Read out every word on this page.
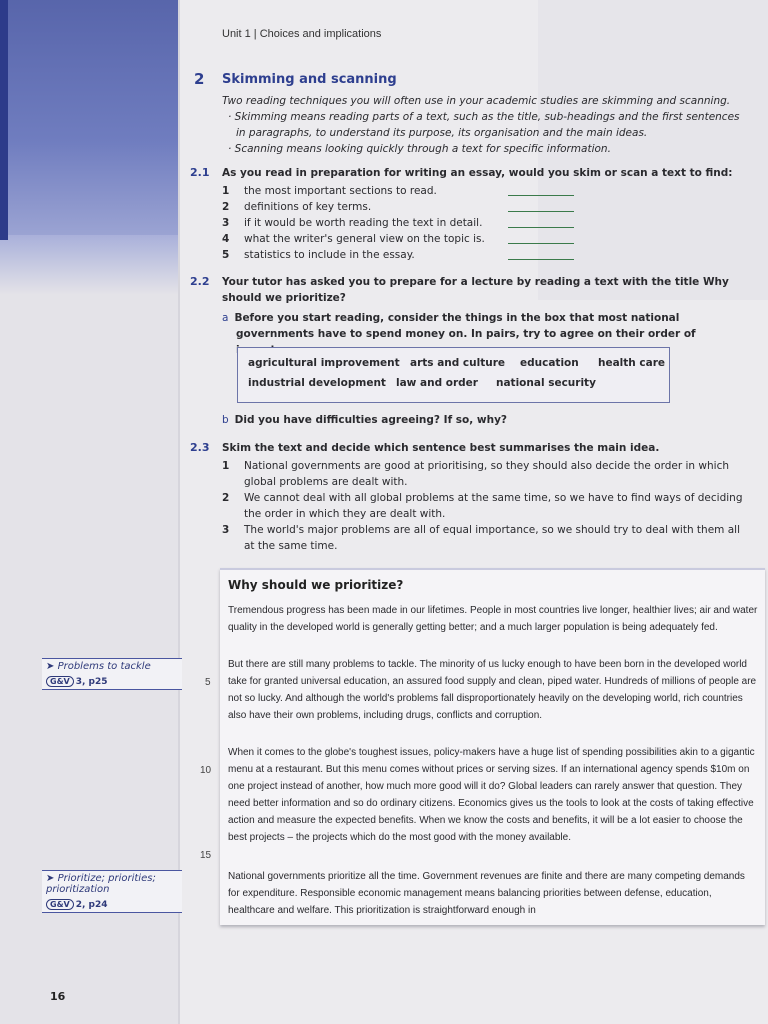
Unit 1 | Choices and implications
2 Skimming and scanning
Two reading techniques you will often use in your academic studies are skimming and scanning.
· Skimming means reading parts of a text, such as the title, sub-headings and the first sentences in paragraphs, to understand its purpose, its organisation and the main ideas.
· Scanning means looking quickly through a text for specific information.
2.1 As you read in preparation for writing an essay, would you skim or scan a text to find:
1 the most important sections to read.
2 definitions of key terms.
3 if it would be worth reading the text in detail.
4 what the writer's general view on the topic is.
5 statistics to include in the essay.
2.2 Your tutor has asked you to prepare for a lecture by reading a text with the title Why should we prioritize?
a Before you start reading, consider the things in the box that most national governments have to spend money on. In pairs, try to agree on their order of
agricultural improvement arts and culture education health care
industrial development law and order national security
b Did you have difficulties agreeing? If so, why?
2.3 Skim the text and decide which sentence best summarises the main idea.
1 National governments are good at prioritising, so they should also decide the order in which global problems are dealt with.
2 We cannot deal with all global problems at the same time, so we have to find ways of deciding the order in which they are dealt with.
3 The world's major problems are all of equal importance, so we should try to deal with them all at the same time.
Why should we prioritize?
Tremendous progress has been made in our lifetimes. People in most countries live longer, healthier lives; air and water quality in the developed world is generally getting better; and a much larger population is being adequately fed.
But there are still many problems to tackle. The minority of us lucky enough to have been born in the developed world take for granted universal education, an assured food supply and clean, piped water. Hundreds of millions of people are not so lucky. And although the world's problems fall disproportionately heavily on the developing world, rich countries also have their own problems, including drugs, conflicts and corruption.
When it comes to the globe's toughest issues, policy-makers have a huge list of spending possibilities akin to a gigantic menu at a restaurant. But this menu comes without prices or serving sizes. If an international agency spends $10m on one project instead of another, how much more good will it do? Global leaders can rarely answer that question. They need better information and so do ordinary citizens. Economics gives us the tools to look at the costs of taking effective action and measure the expected benefits. When we know the costs and benefits, it will be a lot easier to choose the best projects – the projects which do the most good with the money available.
National governments prioritize all the time. Government revenues are finite and there are many competing demands for expenditure. Responsible economic management means balancing priorities between defense, education, healthcare and welfare. This prioritization is straightforward enough in
5
10
15
➤ Problems to tackle
G&V 3, p25
➤ Prioritize; priorities; prioritization
G&V 2, p24
16
